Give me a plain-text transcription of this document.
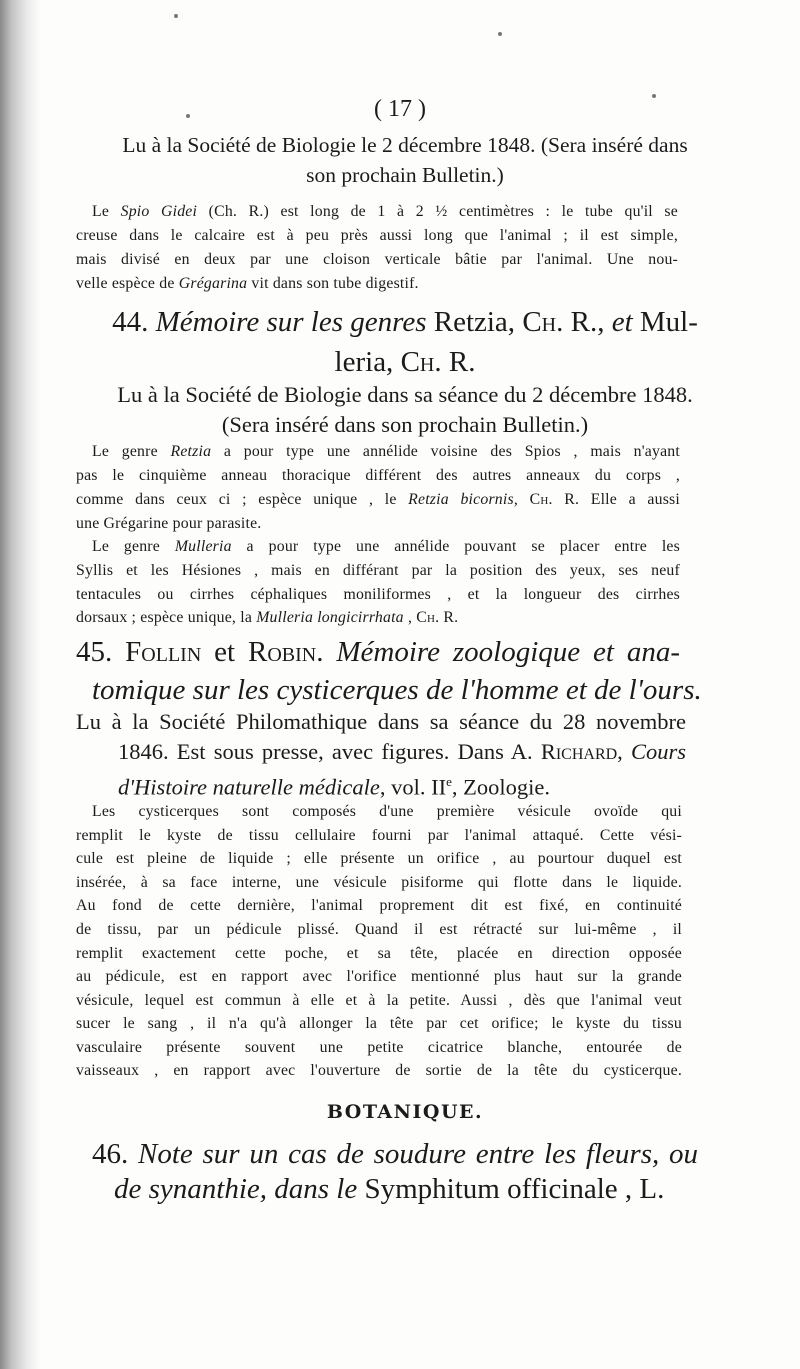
( 17 )
Lu à la Société de Biologie le 2 décembre 1848. (Sera inséré dans
son prochain Bulletin.)
Le Spio Gidei (Ch. R.) est long de 1 à 2 ½ centimètres : le tube qu'il se
creuse dans le calcaire est à peu près aussi long que l'animal ; il est simple,
mais divisé en deux par une cloison verticale bâtie par l'animal. Une nou-
velle espèce de Grégarina vit dans son tube digestif.
44. Mémoire sur les genres Retzia, Ch. R., et Mul-
leria, Ch. R.
Lu à la Société de Biologie dans sa séance du 2 décembre 1848.
(Sera inséré dans son prochain Bulletin.)
Le genre Retzia a pour type une annélide voisine des Spios , mais n'ayant
pas le cinquième anneau thoracique différent des autres anneaux du corps ,
comme dans ceux ci ; espèce unique , le Retzia bicornis, Ch. R. Elle a aussi
une Grégarine pour parasite.
Le genre Mulleria a pour type une annélide pouvant se placer entre les
Syllis et les Hésiones , mais en différant par la position des yeux, ses neuf
tentacules ou cirrhes céphaliques moniliformes , et la longueur des cirrhes
dorsaux ; espèce unique, la Mulleria longicirrhata , Ch. R.
45. Follin et Robin. Mémoire zoologique et ana-
tomique sur les cysticerques de l'homme et de l'ours.
Lu à la Société Philomathique dans sa séance du 28 novembre
1846. Est sous presse, avec figures. Dans A. Richard, Cours
d'Histoire naturelle médicale, vol. IIe, Zoologie.
Les cysticerques sont composés d'une première vésicule ovoïde qui
remplit le kyste de tissu cellulaire fourni par l'animal attaqué. Cette vési-
cule est pleine de liquide ; elle présente un orifice , au pourtour duquel est
insérée, à sa face interne, une vésicule pisiforme qui flotte dans le liquide.
Au fond de cette dernière, l'animal proprement dit est fixé, en continuité
de tissu, par un pédicule plissé. Quand il est rétracté sur lui-même , il
remplit exactement cette poche, et sa tête, placée en direction opposée
au pédicule, est en rapport avec l'orifice mentionné plus haut sur la grande
vésicule, lequel est commun à elle et à la petite. Aussi , dès que l'animal veut
sucer le sang , il n'a qu'à allonger la tête par cet orifice; le kyste du tissu
vasculaire présente souvent une petite cicatrice blanche, entourée de
vaisseaux , en rapport avec l'ouverture de sortie de la tête du cysticerque.
BOTANIQUE.
46. Note sur un cas de soudure entre les fleurs, ou
de synanthie, dans le Symphitum officinale , L.
